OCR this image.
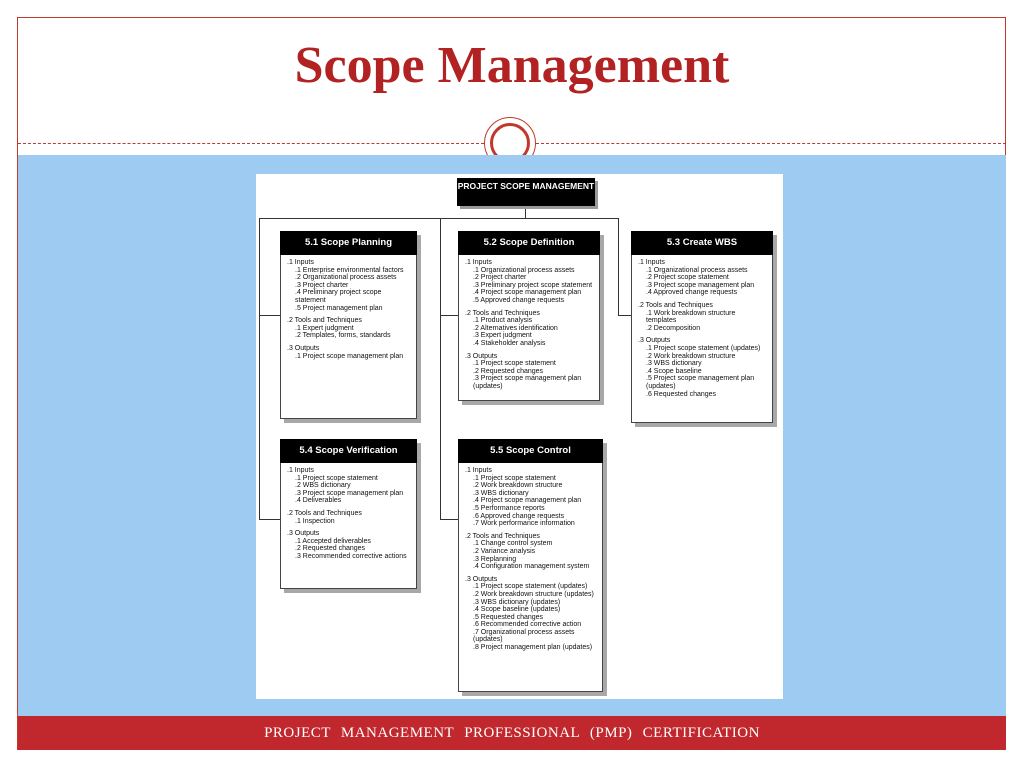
Scope Management
PROJECT SCOPE MANAGEMENT
5.1 Scope Planning
.1 Inputs
.1 Enterprise environmental factors
.2 Organizational process assets
.3 Project charter
.4 Preliminary project scope statement
.5 Project management plan
.2 Tools and Techniques
.1 Expert judgment
.2 Templates, forms, standards
.3 Outputs
.1 Project scope management plan
5.2 Scope Definition
.1 Inputs
.1 Organizational process assets
.2 Project charter
.3 Preliminary project scope statement
.4 Project scope management plan
.5 Approved change requests
.2 Tools and Techniques
.1 Product analysis
.2 Alternatives identification
.3 Expert judgment
.4 Stakeholder analysis
.3 Outputs
.1 Project scope statement
.2 Requested changes
.3 Project scope management plan (updates)
5.3 Create WBS
.1 Inputs
.1 Organizational process assets
.2 Project scope statement
.3 Project scope management plan
.4 Approved change requests
.2 Tools and Techniques
.1 Work breakdown structure templates
.2 Decomposition
.3 Outputs
.1 Project scope statement (updates)
.2 Work breakdown structure
.3 WBS dictionary
.4 Scope baseline
.5 Project scope management plan (updates)
.6 Requested changes
5.4 Scope Verification
.1 Inputs
.1 Project scope statement
.2 WBS dictionary
.3 Project scope management plan
.4 Deliverables
.2 Tools and Techniques
.1 Inspection
.3 Outputs
.1 Accepted deliverables
.2 Requested changes
.3 Recommended corrective actions
5.5 Scope Control
.1 Inputs
.1 Project scope statement
.2 Work breakdown structure
.3 WBS dictionary
.4 Project scope management plan
.5 Performance reports
.6 Approved change requests
.7 Work performance information
.2 Tools and Techniques
.1 Change control system
.2 Variance analysis
.3 Replanning
.4 Configuration management system
.3 Outputs
.1 Project scope statement (updates)
.2 Work breakdown structure (updates)
.3 WBS dictionary (updates)
.4 Scope baseline (updates)
.5 Requested changes
.6 Recommended corrective action
.7 Organizational process assets (updates)
.8 Project management plan (updates)
PROJECT MANAGEMENT PROFESSIONAL (PMP) CERTIFICATION
